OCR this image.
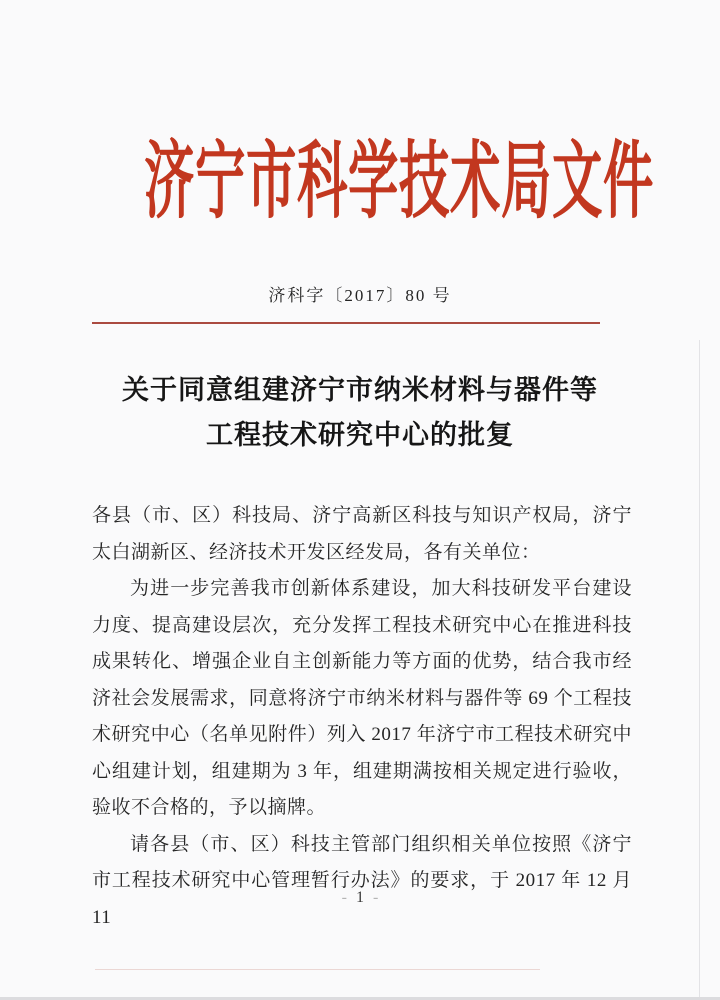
济宁市科学技术局文件
济科字〔2017〕80 号
关于同意组建济宁市纳米材料与器件等
工程技术研究中心的批复

各县（市、区）科技局、济宁高新区科技与知识产权局，济宁太白湖新区、经济技术开发区经发局，各有关单位：

为进一步完善我市创新体系建设，加大科技研发平台建设力度、提高建设层次，充分发挥工程技术研究中心在推进科技成果转化、增强企业自主创新能力等方面的优势，结合我市经济社会发展需求，同意将济宁市纳米材料与器件等 69 个工程技术研究中心（名单见附件）列入 2017 年济宁市工程技术研究中心组建计划，组建期为 3 年，组建期满按相关规定进行验收，验收不合格的，予以摘牌。

请各县（市、区）科技主管部门组织相关单位按照《济宁市工程技术研究中心管理暂行办法》的要求，于 2017 年 12 月 11

- 1 -
